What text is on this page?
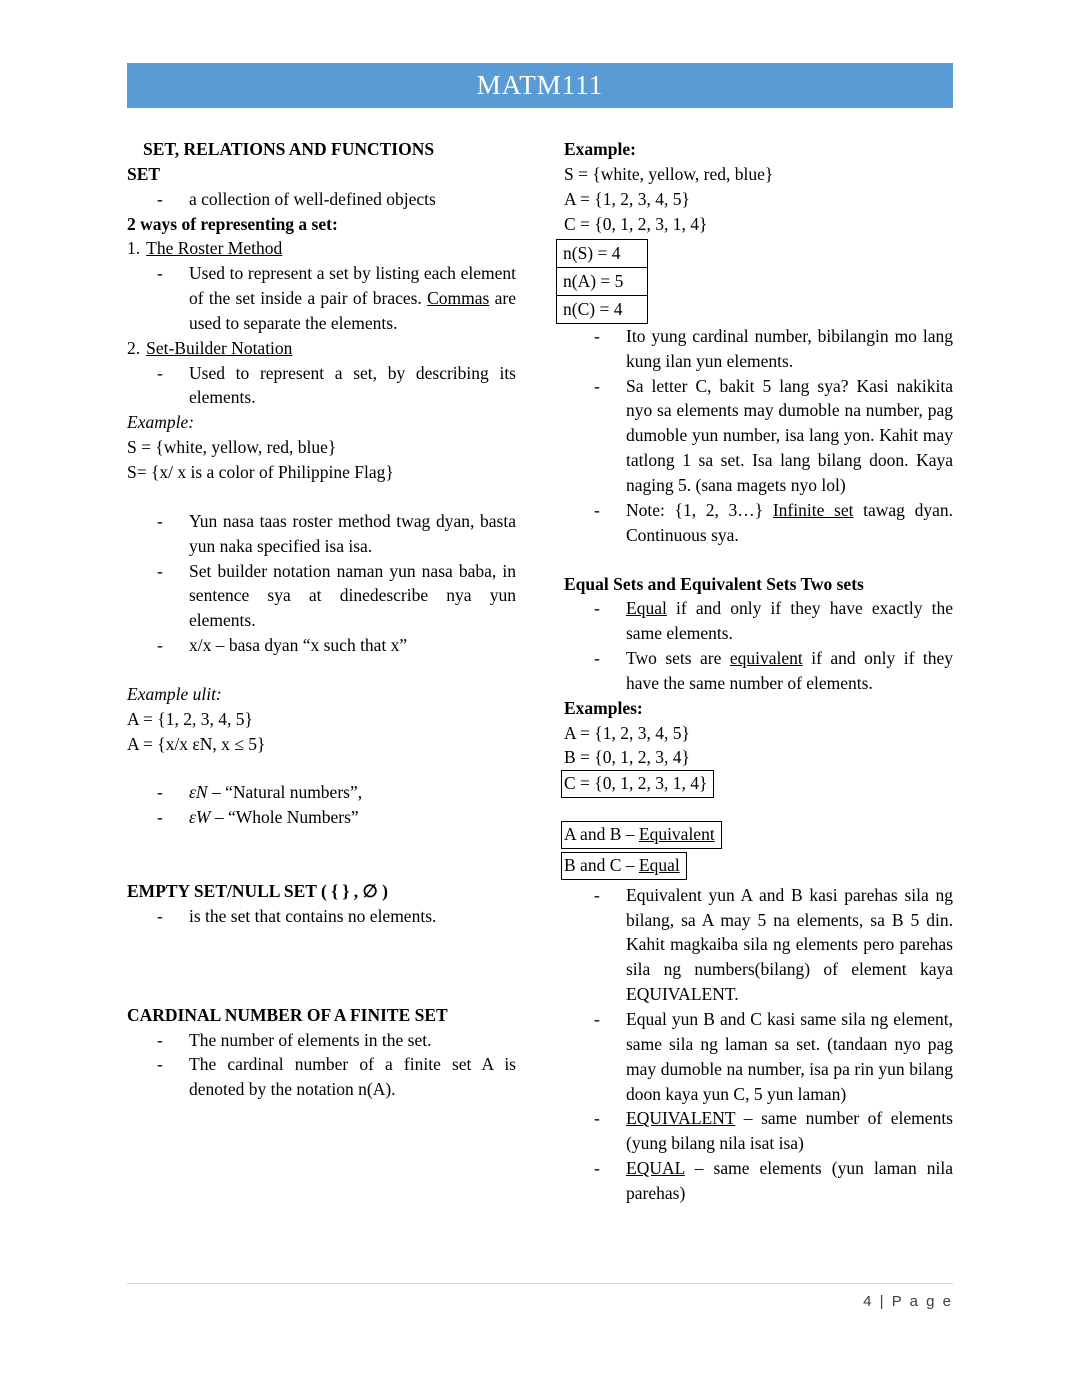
MATM111
SET, RELATIONS AND FUNCTIONS
SET
- a collection of well-defined objects
2 ways of representing a set:
1. The Roster Method
- Used to represent a set by listing each element of the set inside a pair of braces. Commas are used to separate the elements.
2. Set-Builder Notation
- Used to represent a set, by describing its elements.
Example:
S = {white, yellow, red, blue}
S= {x/ x is a color of Philippine Flag}
- Yun nasa taas roster method twag dyan, basta yun naka specified isa isa.
- Set builder notation naman yun nasa baba, in sentence sya at dinedescribe nya yun elements.
- x/x – basa dyan “x such that x”
Example ulit:
A = {1, 2, 3, 4, 5}
A = {x/x εN, x ≤ 5}
- εN – “Natural numbers”,
- εW – “Whole Numbers”
EMPTY SET/NULL SET ( { } , ∅ )
- is the set that contains no elements.
CARDINAL NUMBER OF A FINITE SET
- The number of elements in the set.
- The cardinal number of a finite set A is denoted by the notation n(A).
Example:
S = {white, yellow, red, blue}
A = {1, 2, 3, 4, 5}
C = {0, 1, 2, 3, 1, 4}
n(S) = 4
n(A) = 5
n(C) = 4
- Ito yung cardinal number, bibilangin mo lang kung ilan yun elements.
- Sa letter C, bakit 5 lang sya? Kasi nakikita nyo sa elements may dumoble na number, pag dumoble yun number, isa lang yon. Kahit may tatlong 1 sa set. Isa lang bilang doon. Kaya naging 5. (sana magets nyo lol)
- Note: {1, 2, 3…} Infinite set tawag dyan. Continuous sya.
Equal Sets and Equivalent Sets Two sets
- Equal if and only if they have exactly the same elements.
- Two sets are equivalent if and only if they have the same number of elements.
Examples:
A = {1, 2, 3, 4, 5}
B = {0, 1, 2, 3, 4}
C = {0, 1, 2, 3, 1, 4}
A and B – Equivalent
B and C – Equal
- Equivalent yun A and B kasi parehas sila ng bilang, sa A may 5 na elements, sa B 5 din. Kahit magkaiba sila ng elements pero parehas sila ng numbers(bilang) of element kaya EQUIVALENT.
- Equal yun B and C kasi same sila ng element, same sila ng laman sa set. (tandaan nyo pag may dumoble na number, isa pa rin yun bilang doon kaya yun C, 5 yun laman)
- EQUIVALENT – same number of elements (yung bilang nila isat isa)
- EQUAL – same elements (yun laman nila parehas)
4 | P a g e
